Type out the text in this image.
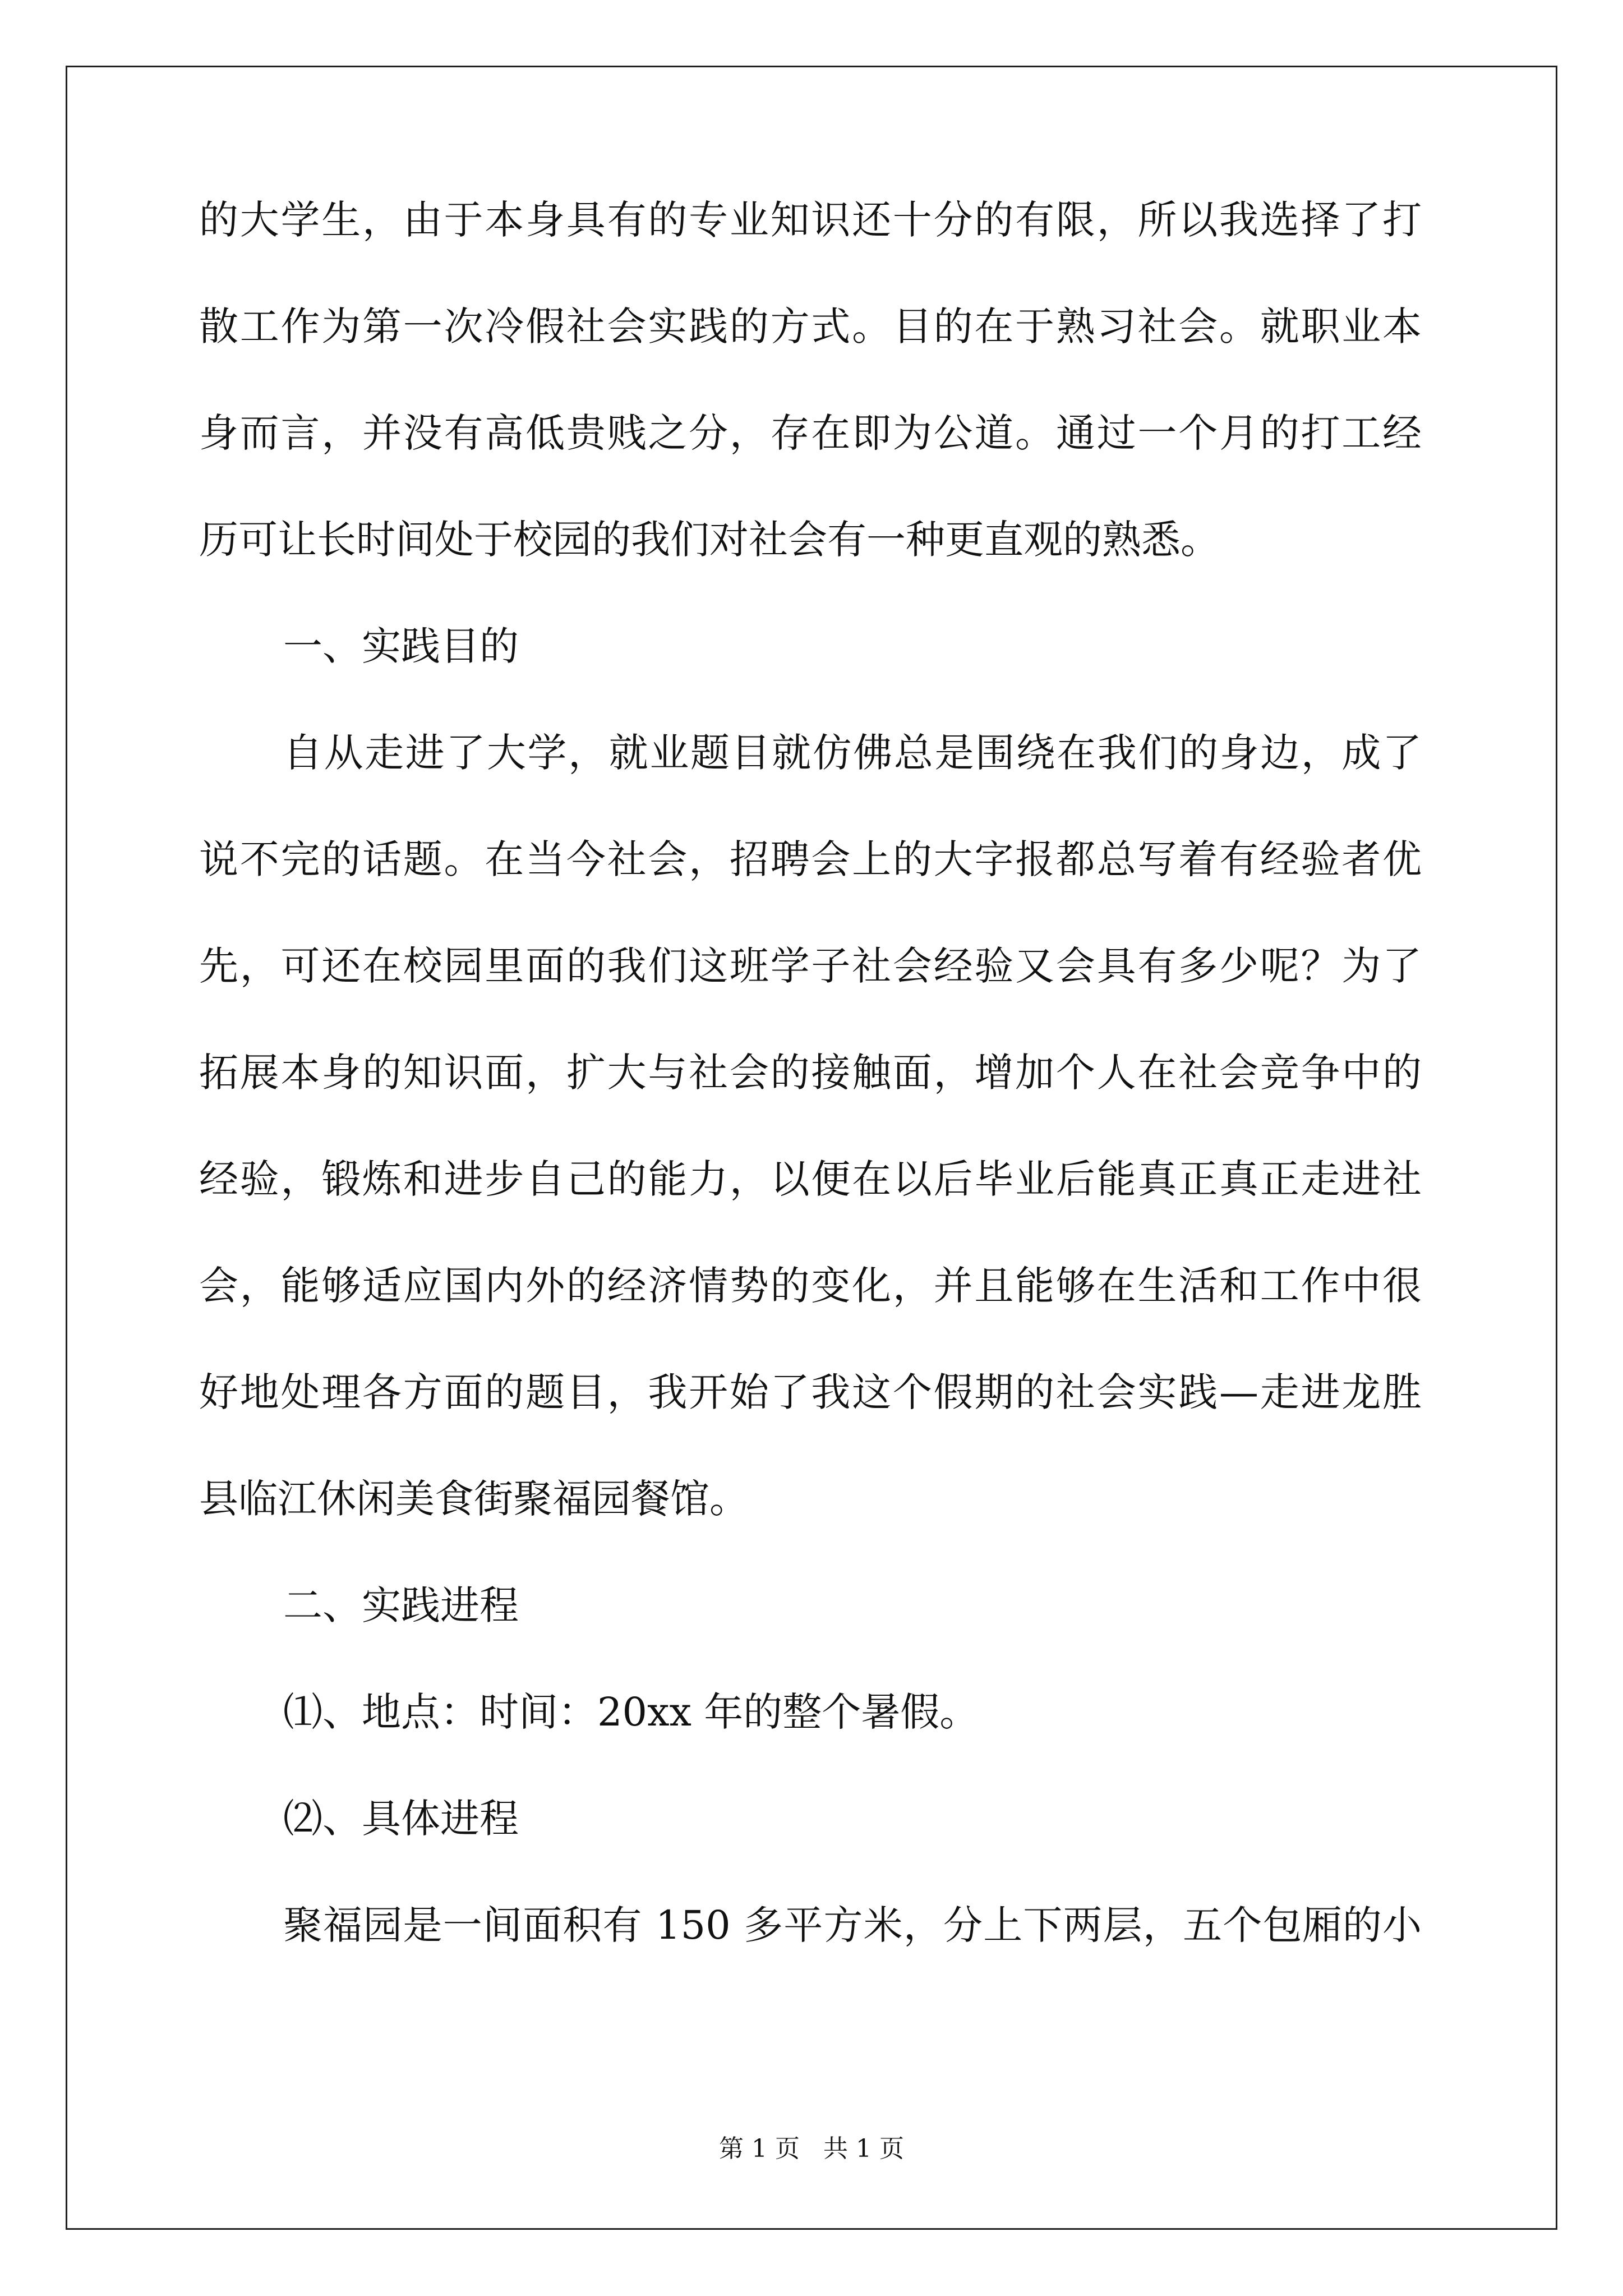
的大学生，由于本身具有的专业知识还十分的有限，所以我选择了打
散工作为第一次冷假社会实践的方式。目的在于熟习社会。就职业本
身而言，并没有高低贵贱之分，存在即为公道。通过一个月的打工经
历可让长时间处于校园的我们对社会有一种更直观的熟悉。
一、实践目的
自从走进了大学，就业题目就仿佛总是围绕在我们的身边，成了
说不完的话题。在当今社会，招聘会上的大字报都总写着有经验者优
先，可还在校园里面的我们这班学子社会经验又会具有多少呢？为了
拓展本身的知识面，扩大与社会的接触面，增加个人在社会竞争中的
经验，锻炼和进步自己的能力，以便在以后毕业后能真正真正走进社
会，能够适应国内外的经济情势的变化，并且能够在生活和工作中很
好地处理各方面的题目，我开始了我这个假期的社会实践—走进龙胜
县临江休闲美食街聚福园餐馆。
二、实践进程
⑴、地点：时间：20xx 年的整个暑假。
⑵、具体进程
聚福园是一间面积有 150 多平方米，分上下两层，五个包厢的小
第 1 页   共 1 页
